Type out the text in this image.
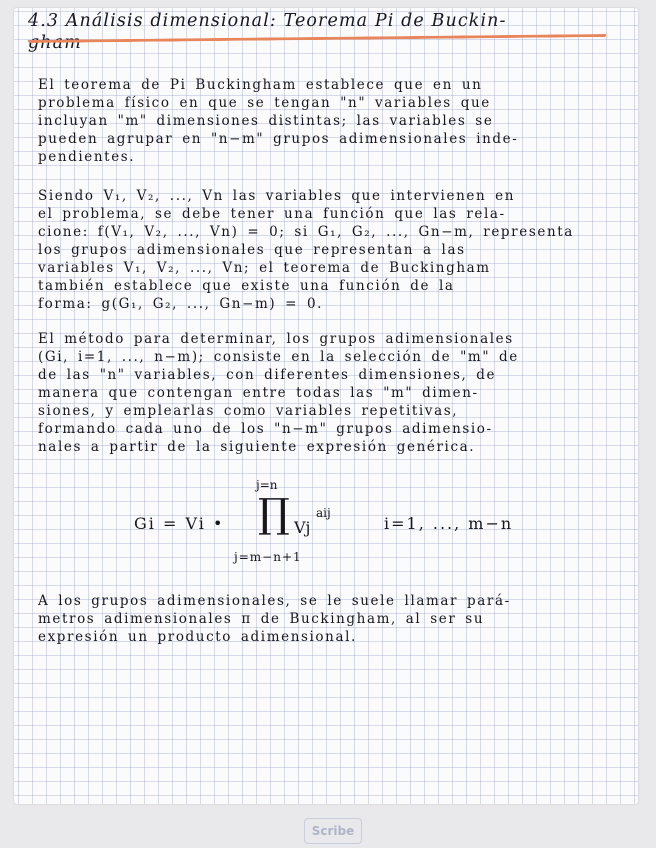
4.3 Análisis dimensional: Teorema Pi de Buckin-
gham
El teorema de Pi Buckingham establece que en un
problema físico en que se tengan "n" variables que
incluyan "m" dimensiones distintas; las variables se
pueden agrupar en "n−m" grupos adimensionales inde-
pendientes.
Siendo V₁, V₂, ..., Vn las variables que intervienen en
el problema, se debe tener una función que las rela-
cione: f(V₁, V₂, ..., Vn) = 0; si G₁, G₂, ..., Gn−m, representa
los grupos adimensionales que representan a las
variables V₁, V₂, ..., Vn; el teorema de Buckingham
también establece que existe una función de la
forma: g(G₁, G₂, ..., Gn−m) = 0.
El método para determinar, los grupos adimensionales
(Gi, i=1, ..., n−m); consiste en la selección de "m" de
de las "n" variables, con diferentes dimensiones, de
manera que contengan entre todas las "m" dimen-
siones, y emplearlas como variables repetitivas,
formando cada uno de los "n−m" grupos adimensio-
nales a partir de la siguiente expresión genérica.
Gi = Vi •
j=n
∏ Vj
aij
j=m−n+1
i=1, ..., m−n
A los grupos adimensionales, se le suele llamar pará-
metros adimensionales π de Buckingham, al ser su
expresión un producto adimensional.
Scribe
